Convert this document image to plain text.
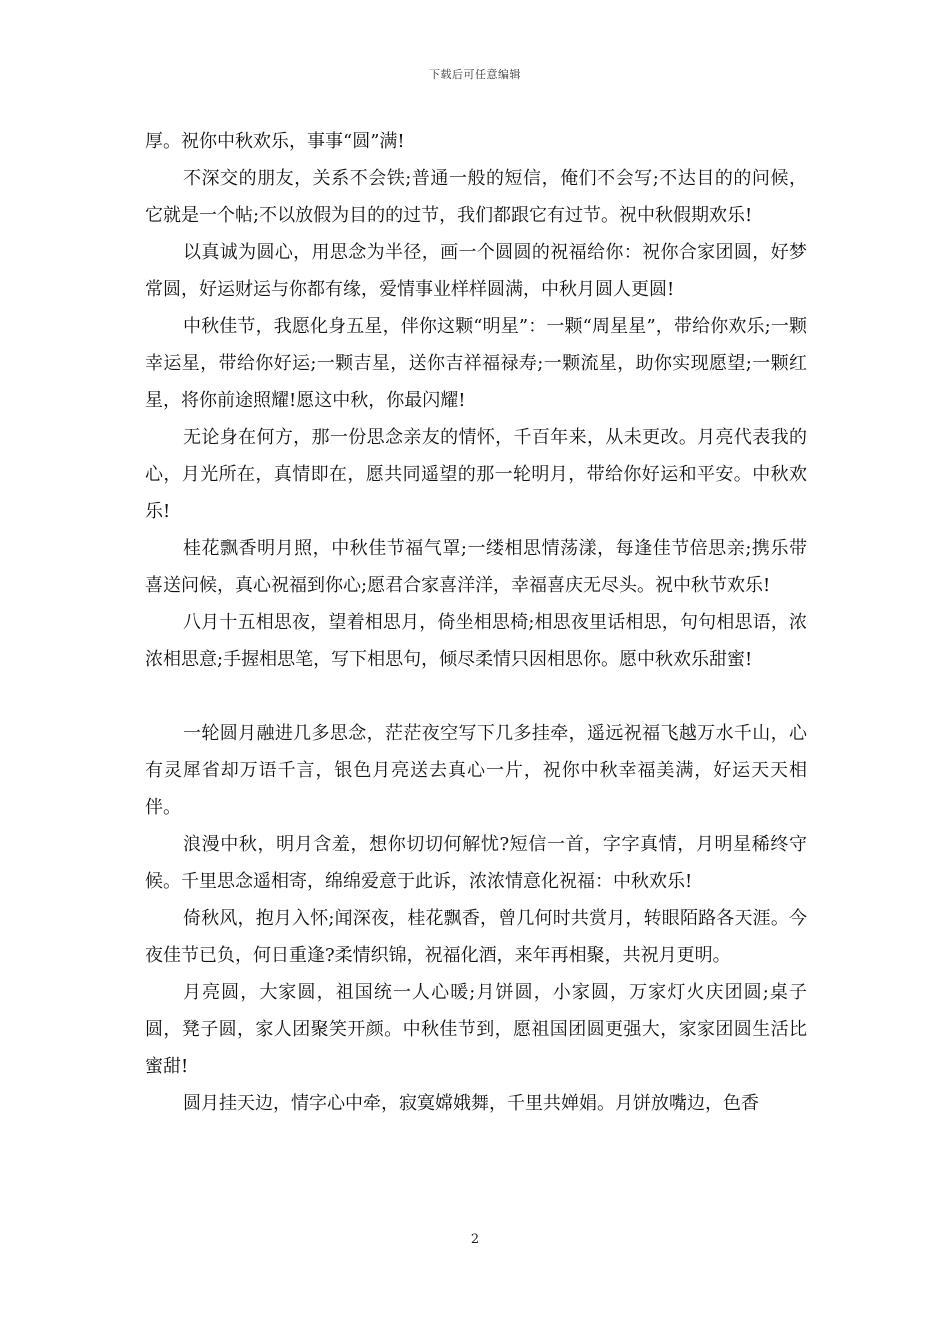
下载后可任意编辑

厚。祝你中秋欢乐，事事“圆”满!

不深交的朋友，关系不会铁;普通一般的短信，俺们不会写;不达目的的问候，它就是一个帖;不以放假为目的的过节，我们都跟它有过节。祝中秋假期欢乐!

以真诚为圆心，用思念为半径，画一个圆圆的祝福给你：祝你合家团圆，好梦常圆，好运财运与你都有缘，爱情事业样样圆满，中秋月圆人更圆!

中秋佳节，我愿化身五星，伴你这颗“明星”：一颗“周星星”，带给你欢乐;一颗幸运星，带给你好运;一颗吉星，送你吉祥福禄寿;一颗流星，助你实现愿望;一颗红星，将你前途照耀!愿这中秋，你最闪耀!

无论身在何方，那一份思念亲友的情怀，千百年来，从未更改。月亮代表我的心，月光所在，真情即在，愿共同遥望的那一轮明月，带给你好运和平安。中秋欢乐!

桂花飘香明月照，中秋佳节福气罩;一缕相思情荡漾，每逢佳节倍思亲;携乐带喜送问候，真心祝福到你心;愿君合家喜洋洋，幸福喜庆无尽头。祝中秋节欢乐!

八月十五相思夜，望着相思月，倚坐相思椅;相思夜里话相思，句句相思语，浓浓相思意;手握相思笔，写下相思句，倾尽柔情只因相思你。愿中秋欢乐甜蜜!

一轮圆月融进几多思念，茫茫夜空写下几多挂牵，遥远祝福飞越万水千山，心有灵犀省却万语千言，银色月亮送去真心一片，祝你中秋幸福美满，好运天天相伴。

浪漫中秋，明月含羞，想你切切何解忧?短信一首，字字真情，月明星稀终守候。千里思念遥相寄，绵绵爱意于此诉，浓浓情意化祝福：中秋欢乐!

倚秋风，抱月入怀;闻深夜，桂花飘香，曾几何时共赏月，转眼陌路各天涯。今夜佳节已负，何日重逢?柔情织锦，祝福化酒，来年再相聚，共祝月更明。

月亮圆，大家圆，祖国统一人心暖;月饼圆，小家圆，万家灯火庆团圆;桌子圆，凳子圆，家人团聚笑开颜。中秋佳节到，愿祖国团圆更强大，家家团圆生活比蜜甜!

圆月挂天边，情字心中牵，寂寞嫦娥舞，千里共婵娟。月饼放嘴边，色香

2
